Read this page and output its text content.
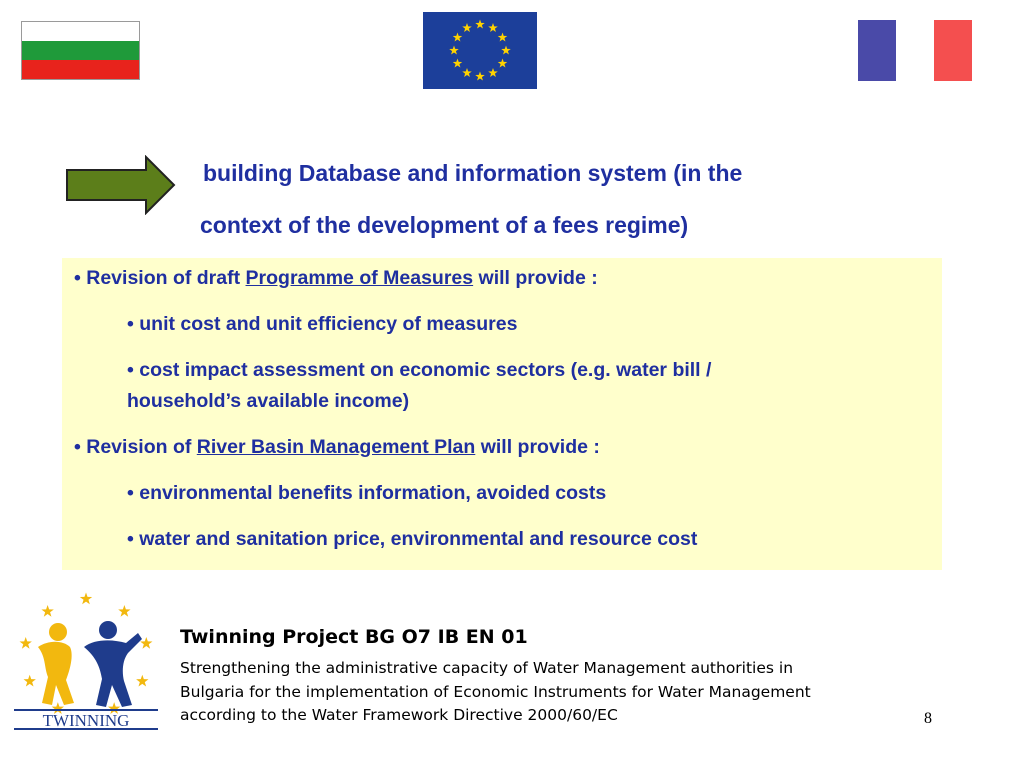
building Database and information system (in the
context of the development of a fees regime)
• Revision of draft Programme of Measures will provide :
• unit cost and unit efficiency of measures
• cost impact assessment on economic sectors (e.g. water bill /
household’s available income)
• Revision of River Basin Management Plan will provide :
• environmental benefits information, avoided costs
• water and sanitation price, environmental and resource cost
TWINNING
Twinning Project BG O7 IB EN 01
Strengthening the administrative capacity of Water Management authorities in
Bulgaria for the implementation of Economic Instruments for Water Management
according to the Water Framework Directive 2000/60/EC	8
